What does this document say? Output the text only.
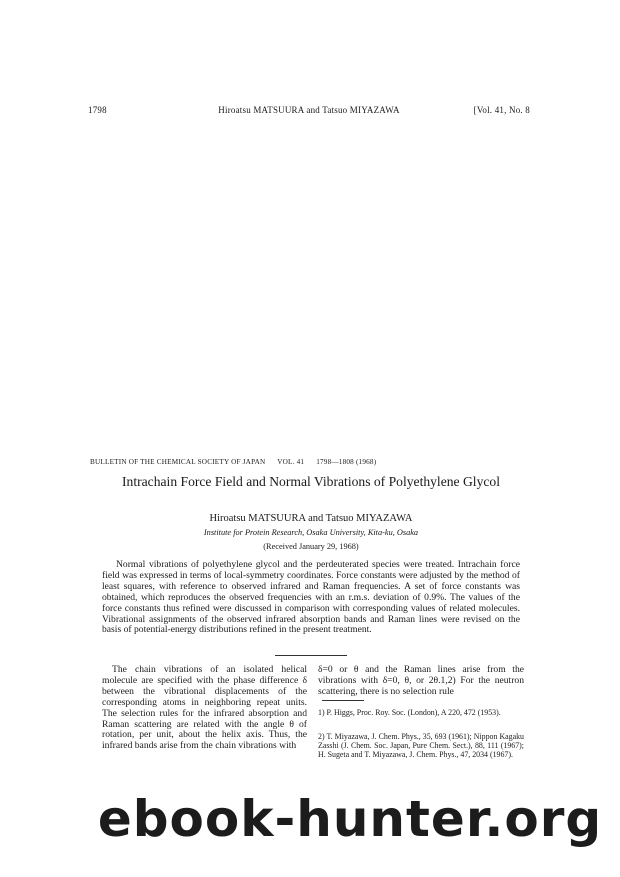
1798	Hiroatsu MATSUURA and Tatsuo MIYAZAWA	[Vol. 41, No. 8
BULLETIN OF THE CHEMICAL SOCIETY OF JAPAN VOL. 41 1798—1808 (1968)
Intrachain Force Field and Normal Vibrations of Polyethylene Glycol
Hiroatsu MATSUURA and Tatsuo MIYAZAWA
Institute for Protein Research, Osaka University, Kita-ku, Osaka
(Received January 29, 1968)

Normal vibrations of polyethylene glycol and the perdeuterated species were treated. Intrachain force field was expressed in terms of local-symmetry coordinates. Force constants were adjusted by the method of least squares, with reference to observed infrared and Raman frequencies. A set of force constants was obtained, which reproduces the observed frequencies with an r.m.s. deviation of 0.9%. The values of the force constants thus refined were discussed in comparison with corresponding values of related molecules. Vibrational assignments of the observed infrared absorption bands and Raman lines were revised on the basis of potential-energy distributions refined in the present treatment.

The chain vibrations of an isolated helical molecule are specified with the phase difference δ between the vibrational displacements of the corresponding atoms in neighboring repeat units. The selection rules for the infrared absorption and Raman scattering are related with the angle θ of rotation, per unit, about the helix axis. Thus, the infrared bands arise from the chain vibrations with

δ=0 or θ and the Raman lines arise from the vibrations with δ=0, θ, or 2θ.1,2) For the neutron scattering, there is no selection rule

1) P. Higgs, Proc. Roy. Soc. (London), A 220, 472 (1953).

2) T. Miyazawa, J. Chem. Phys., 35, 693 (1961); Nippon Kagaku Zasshi (J. Chem. Soc. Japan, Pure Chem. Sect.), 88, 111 (1967); H. Sugeta and T. Miyazawa, J. Chem. Phys., 47, 2034 (1967).

ebook-hunter.org
